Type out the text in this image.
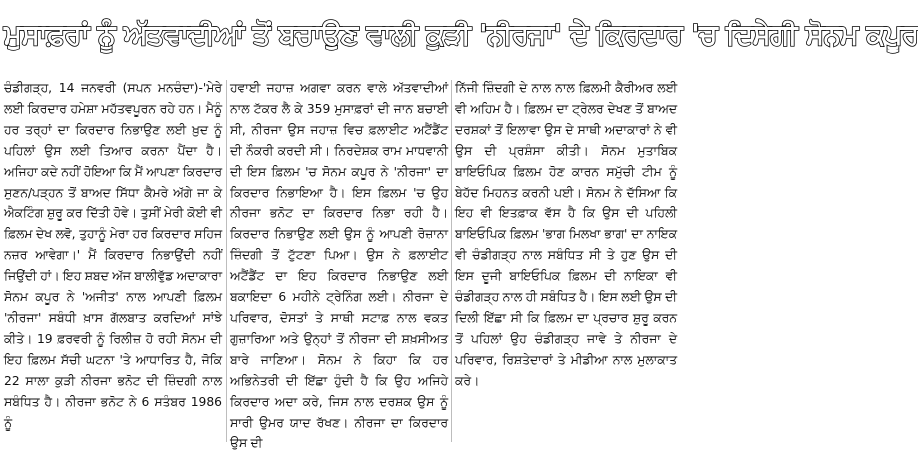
ਮੁਸਾਫ਼ਰਾਂ ਨੂੰ ਅੱਤਵਾਦੀਆਂ ਤੋਂ ਬਚਾਉਣ ਵਾਲੀ ਕੁੜੀ 'ਨੀਰਜਾ' ਦੇ ਕਿਰਦਾਰ 'ਚ ਦਿਸੇਗੀ ਸੋਨਮ ਕਪੂਰ

ਚੰਡੀਗੜ੍ਹ, 14 ਜਨਵਰੀ (ਸਪਨ ਮਨਚੰਦਾ)-'ਮੇਰੇ ਲਈ ਕਿਰਦਾਰ ਹਮੇਸ਼ਾ ਮਹੱਤਵਪੂਰਨ ਰਹੇ ਹਨ। ਮੈਨੂੰ ਹਰ ਤਰ੍ਹਾਂ ਦਾ ਕਿਰਦਾਰ ਨਿਭਾਉਣ ਲਈ ਖ਼ੁਦ ਨੂੰ ਪਹਿਲਾਂ ਉਸ ਲਈ ਤਿਆਰ ਕਰਨਾ ਪੈਂਦਾ ਹੈ। ਅਜਿਹਾ ਕਦੇ ਨਹੀਂ ਹੋਇਆ ਕਿ ਮੈਂ ਆਪਣਾ ਕਿਰਦਾਰ ਸੁਣਨ/ਪੜ੍ਹਨ ਤੋਂ ਬਾਅਦ ਸਿੱਧਾ ਕੈਮਰੇ ਅੱਗੇ ਜਾ ਕੇ ਐਕਟਿੰਗ ਸ਼ੁਰੂ ਕਰ ਦਿੱਤੀ ਹੋਵੇ। ਤੁਸੀਂ ਮੇਰੀ ਕੋਈ ਵੀ ਫ਼ਿਲਮ ਦੇਖ ਲਵੋ, ਤੁਹਾਨੂੰ ਮੇਰਾ ਹਰ ਕਿਰਦਾਰ ਸਹਿਜ ਨਜ਼ਰ ਆਵੇਗਾ।' ਮੈਂ ਕਿਰਦਾਰ ਨਿਭਾਉਂਦੀ ਨਹੀਂ ਜਿਉਂਦੀ ਹਾਂ। ਇਹ ਸ਼ਬਦ ਅੱਜ ਬਾਲੀਵੁੱਡ ਅਦਾਕਾਰਾ ਸੋਨਮ ਕਪੂਰ ਨੇ 'ਅਜੀਤ' ਨਾਲ ਆਪਣੀ ਫ਼ਿਲਮ 'ਨੀਰਜਾ' ਸਬੰਧੀ ਖ਼ਾਸ ਗੱਲਬਾਤ ਕਰਦਿਆਂ ਸਾਂਝੇ ਕੀਤੇ। 19 ਫ਼ਰਵਰੀ ਨੂੰ ਰਿਲੀਜ਼ ਹੋ ਰਹੀ ਸੋਨਮ ਦੀ ਇਹ ਫ਼ਿਲਮ ਸੱਚੀ ਘਟਨਾ 'ਤੇ ਆਧਾਰਿਤ ਹੈ, ਜੋਕਿ 22 ਸਾਲਾ ਕੁੜੀ ਨੀਰਜਾ ਭਨੋਟ ਦੀ ਜ਼ਿੰਦਗੀ ਨਾਲ ਸਬੰਧਿਤ ਹੈ। ਨੀਰਜਾ ਭਨੋਟ ਨੇ 6 ਸਤੰਬਰ 1986 ਨੂੰ

ਹਵਾਈ ਜਹਾਜ਼ ਅਗਵਾ ਕਰਨ ਵਾਲੇ ਅੱਤਵਾਦੀਆਂ ਨਾਲ ਟੱਕਰ ਲੈ ਕੇ 359 ਮੁਸਾਫ਼ਰਾਂ ਦੀ ਜਾਨ ਬਚਾਈ ਸੀ, ਨੀਰਜਾ ਉਸ ਜਹਾਜ਼ ਵਿਚ ਫ਼ਲਾਈਟ ਅਟੈਂਡੈਂਟ ਦੀ ਨੌਕਰੀ ਕਰਦੀ ਸੀ। ਨਿਰਦੇਸ਼ਕ ਰਾਮ ਮਾਧਵਾਨੀ ਦੀ ਇਸ ਫ਼ਿਲਮ 'ਚ ਸੋਨਮ ਕਪੂਰ ਨੇ 'ਨੀਰਜਾ' ਦਾ ਕਿਰਦਾਰ ਨਿਭਾਇਆ ਹੈ। ਇਸ ਫ਼ਿਲਮ 'ਚ ਉਹ ਨੀਰਜਾ ਭਨੋਟ ਦਾ ਕਿਰਦਾਰ ਨਿਭਾ ਰਹੀ ਹੈ। ਕਿਰਦਾਰ ਨਿਭਾਉਣ ਲਈ ਉਸ ਨੂੰ ਆਪਣੀ ਰੋਜ਼ਾਨਾ ਜ਼ਿੰਦਗੀ ਤੋਂ ਟੁੱਟਣਾ ਪਿਆ। ਉਸ ਨੇ ਫ਼ਲਾਈਟ ਅਟੈਂਡੈਂਟ ਦਾ ਇਹ ਕਿਰਦਾਰ ਨਿਭਾਉਣ ਲਈ ਬਕਾਇਦਾ 6 ਮਹੀਨੇ ਟ੍ਰੇਨਿੰਗ ਲਈ। ਨੀਰਜਾ ਦੇ ਪਰਿਵਾਰ, ਦੋਸਤਾਂ ਤੇ ਸਾਥੀ ਸਟਾਫ਼ ਨਾਲ ਵਕਤ ਗੁਜ਼ਾਰਿਆ ਅਤੇ ਉਨ੍ਹਾਂ ਤੋਂ ਨੀਰਜਾ ਦੀ ਸ਼ਖ਼ਸੀਅਤ ਬਾਰੇ ਜਾਣਿਆ। ਸੋਨਮ ਨੇ ਕਿਹਾ ਕਿ ਹਰ ਅਭਿਨੇਤਰੀ ਦੀ ਇੱਛਾ ਹੁੰਦੀ ਹੈ ਕਿ ਉਹ ਅਜਿਹੇ ਕਿਰਦਾਰ ਅਦਾ ਕਰੇ, ਜਿਸ ਨਾਲ ਦਰਸ਼ਕ ਉਸ ਨੂੰ ਸਾਰੀ ਉਮਰ ਯਾਦ ਰੱਖਣ। ਨੀਰਜਾ ਦਾ ਕਿਰਦਾਰ ਉਸ ਦੀ

ਨਿੱਜੀ ਜ਼ਿੰਦਗੀ ਦੇ ਨਾਲ ਨਾਲ ਫ਼ਿਲਮੀ ਕੈਰੀਅਰ ਲਈ ਵੀ ਅਹਿਮ ਹੈ। ਫ਼ਿਲਮ ਦਾ ਟ੍ਰੇਲਰ ਦੇਖਣ ਤੋਂ ਬਾਅਦ ਦਰਸ਼ਕਾਂ ਤੋਂ ਇਲਾਵਾ ਉਸ ਦੇ ਸਾਥੀ ਅਦਾਕਾਰਾਂ ਨੇ ਵੀ ਉਸ ਦੀ ਪ੍ਰਸ਼ੰਸਾ ਕੀਤੀ। ਸੋਨਮ ਮੁਤਾਬਿਕ ਬਾਇਓਪਿਕ ਫ਼ਿਲਮ ਹੋਣ ਕਾਰਨ ਸਮੁੱਚੀ ਟੀਮ ਨੂੰ ਬੇਹੱਦ ਮਿਹਨਤ ਕਰਨੀ ਪਈ। ਸੋਨਮ ਨੇ ਦੱਸਿਆ ਕਿ ਇਹ ਵੀ ਇਤਫ਼ਾਕ ਵੱਸ ਹੈ ਕਿ ਉਸ ਦੀ ਪਹਿਲੀ ਬਾਇਓਪਿਕ ਫ਼ਿਲਮ 'ਭਾਗ ਮਿਲਖਾ ਭਾਗ' ਦਾ ਨਾਇਕ ਵੀ ਚੰਡੀਗੜ੍ਹ ਨਾਲ ਸਬੰਧਿਤ ਸੀ ਤੇ ਹੁਣ ਉਸ ਦੀ ਇਸ ਦੂਜੀ ਬਾਇਓਪਿਕ ਫ਼ਿਲਮ ਦੀ ਨਾਇਕਾ ਵੀ ਚੰਡੀਗੜ੍ਹ ਨਾਲ ਹੀ ਸਬੰਧਿਤ ਹੈ। ਇਸ ਲਈ ਉਸ ਦੀ ਦਿਲੀ ਇੱਛਾ ਸੀ ਕਿ ਫ਼ਿਲਮ ਦਾ ਪ੍ਰਚਾਰ ਸ਼ੁਰੂ ਕਰਨ ਤੋਂ ਪਹਿਲਾਂ ਉਹ ਚੰਡੀਗੜ੍ਹ ਜਾਵੇ ਤੇ ਨੀਰਜਾ ਦੇ ਪਰਿਵਾਰ, ਰਿਸ਼ਤੇਦਾਰਾਂ ਤੇ ਮੀਡੀਆ ਨਾਲ ਮੁਲਾਕਾਤ ਕਰੇ।
